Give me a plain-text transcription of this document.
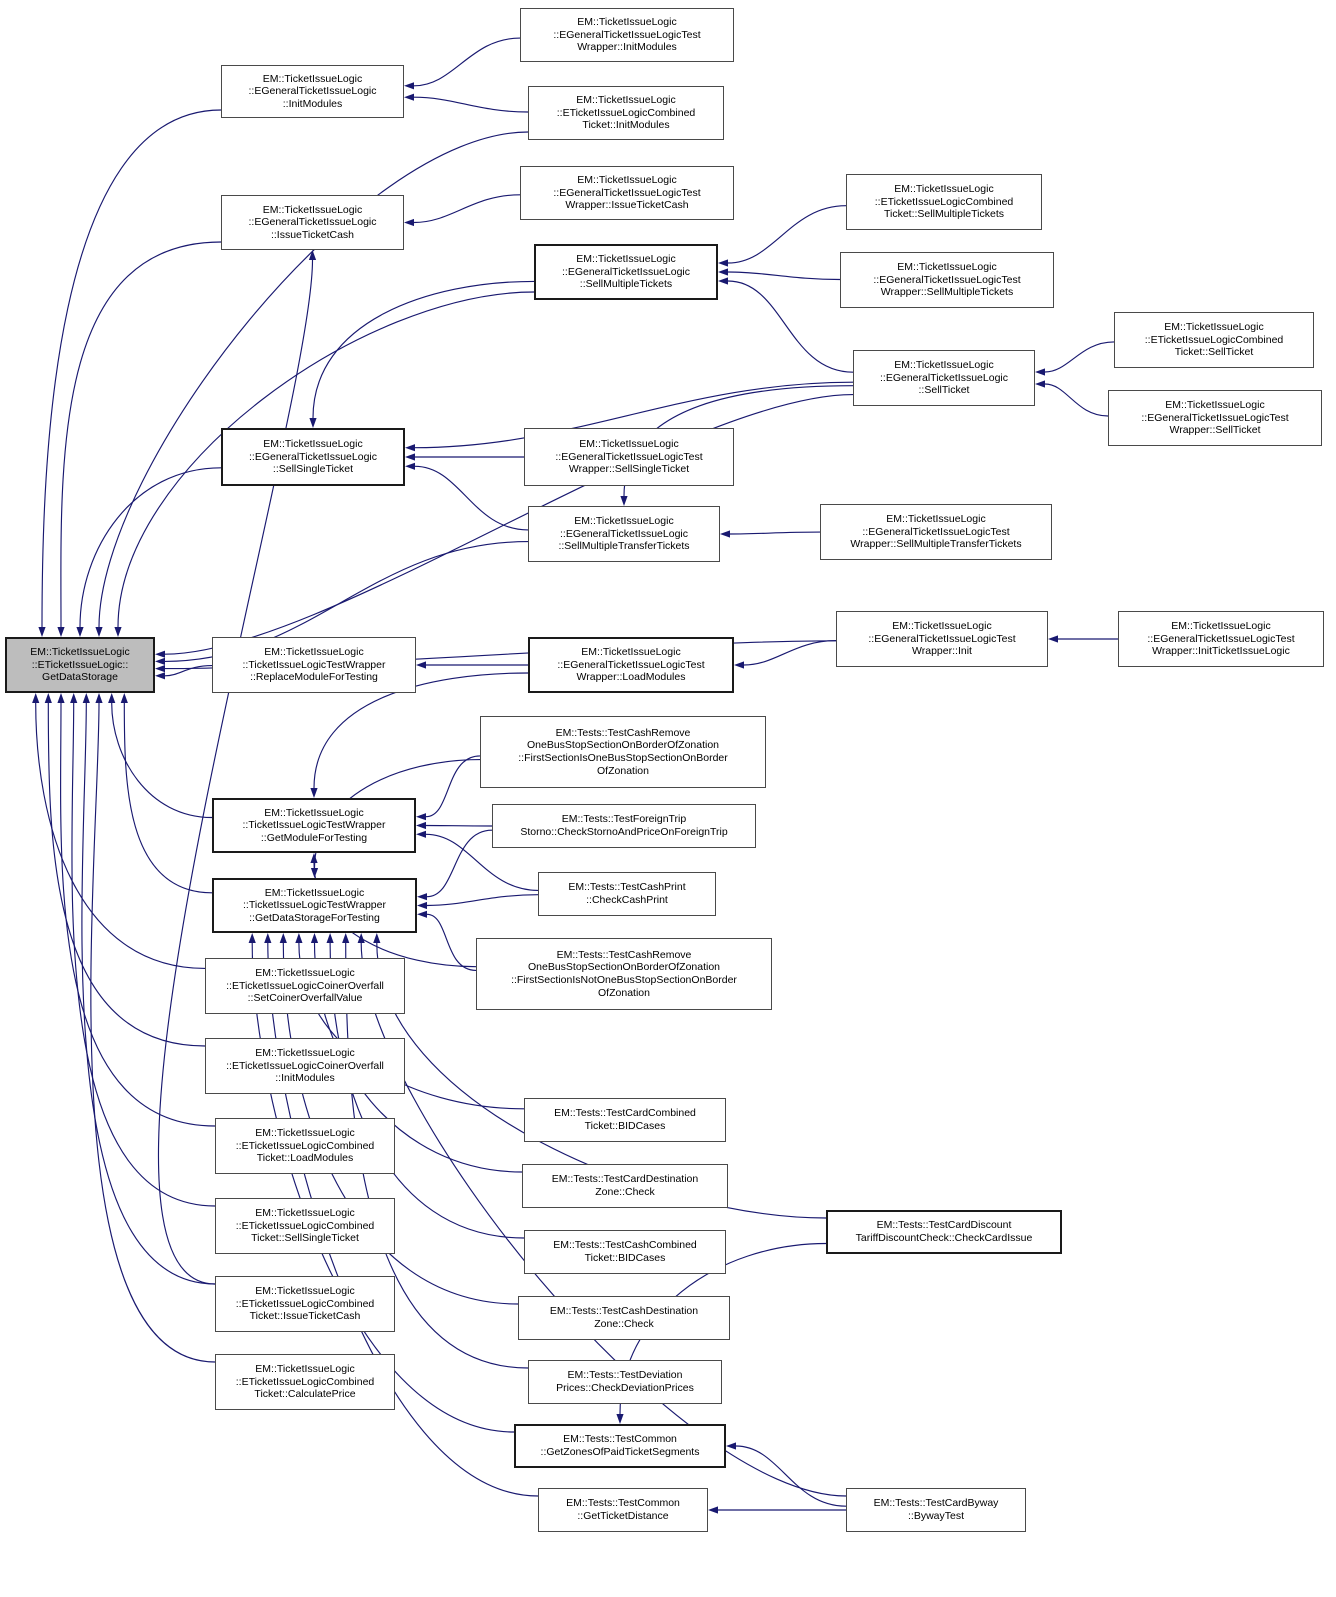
EM::TicketIssueLogic
::ETicketIssueLogic::
GetDataStorage
EM::TicketIssueLogic
::EGeneralTicketIssueLogic
::InitModules
EM::TicketIssueLogic
::EGeneralTicketIssueLogicTest
Wrapper::InitModules
EM::TicketIssueLogic
::ETicketIssueLogicCombined
Ticket::InitModules
EM::TicketIssueLogic
::EGeneralTicketIssueLogic
::IssueTicketCash
EM::TicketIssueLogic
::EGeneralTicketIssueLogicTest
Wrapper::IssueTicketCash
EM::TicketIssueLogic
::EGeneralTicketIssueLogic
::SellMultipleTickets
EM::TicketIssueLogic
::ETicketIssueLogicCombined
Ticket::SellMultipleTickets
EM::TicketIssueLogic
::EGeneralTicketIssueLogicTest
Wrapper::SellMultipleTickets
EM::TicketIssueLogic
::EGeneralTicketIssueLogic
::SellTicket
EM::TicketIssueLogic
::ETicketIssueLogicCombined
Ticket::SellTicket
EM::TicketIssueLogic
::EGeneralTicketIssueLogicTest
Wrapper::SellTicket
EM::TicketIssueLogic
::EGeneralTicketIssueLogic
::SellSingleTicket
EM::TicketIssueLogic
::EGeneralTicketIssueLogicTest
Wrapper::SellSingleTicket
EM::TicketIssueLogic
::EGeneralTicketIssueLogic
::SellMultipleTransferTickets
EM::TicketIssueLogic
::EGeneralTicketIssueLogicTest
Wrapper::SellMultipleTransferTickets
EM::TicketIssueLogic
::EGeneralTicketIssueLogicTest
Wrapper::Init
EM::TicketIssueLogic
::EGeneralTicketIssueLogicTest
Wrapper::InitTicketIssueLogic
EM::TicketIssueLogic
::TicketIssueLogicTestWrapper
::ReplaceModuleForTesting
EM::TicketIssueLogic
::EGeneralTicketIssueLogicTest
Wrapper::LoadModules
EM::Tests::TestCashRemove
OneBusStopSectionOnBorderOfZonation
::FirstSectionIsOneBusStopSectionOnBorder
OfZonation
EM::TicketIssueLogic
::TicketIssueLogicTestWrapper
::GetModuleForTesting
EM::Tests::TestForeignTrip
Storno::CheckStornoAndPriceOnForeignTrip
EM::TicketIssueLogic
::TicketIssueLogicTestWrapper
::GetDataStorageForTesting
EM::Tests::TestCashPrint
::CheckCashPrint
EM::Tests::TestCashRemove
OneBusStopSectionOnBorderOfZonation
::FirstSectionIsNotOneBusStopSectionOnBorder
OfZonation
EM::TicketIssueLogic
::ETicketIssueLogicCoinerOverfall
::SetCoinerOverfallValue
EM::TicketIssueLogic
::ETicketIssueLogicCoinerOverfall
::InitModules
EM::TicketIssueLogic
::ETicketIssueLogicCombined
Ticket::LoadModules
EM::Tests::TestCardCombined
Ticket::BIDCases
EM::Tests::TestCardDestination
Zone::Check
EM::TicketIssueLogic
::ETicketIssueLogicCombined
Ticket::SellSingleTicket
EM::Tests::TestCashCombined
Ticket::BIDCases
EM::TicketIssueLogic
::ETicketIssueLogicCombined
Ticket::IssueTicketCash	EM::Tests::TestCashDestination
Zone::Check
EM::TicketIssueLogic
::ETicketIssueLogicCombined
Ticket::CalculatePrice
EM::Tests::TestDeviation
Prices::CheckDeviationPrices
EM::Tests::TestCardDiscount
TariffDiscountCheck::CheckCardIssue
EM::Tests::TestCommon
::GetZonesOfPaidTicketSegments
EM::Tests::TestCommon
::GetTicketDistance
EM::Tests::TestCardByway
::BywayTest
